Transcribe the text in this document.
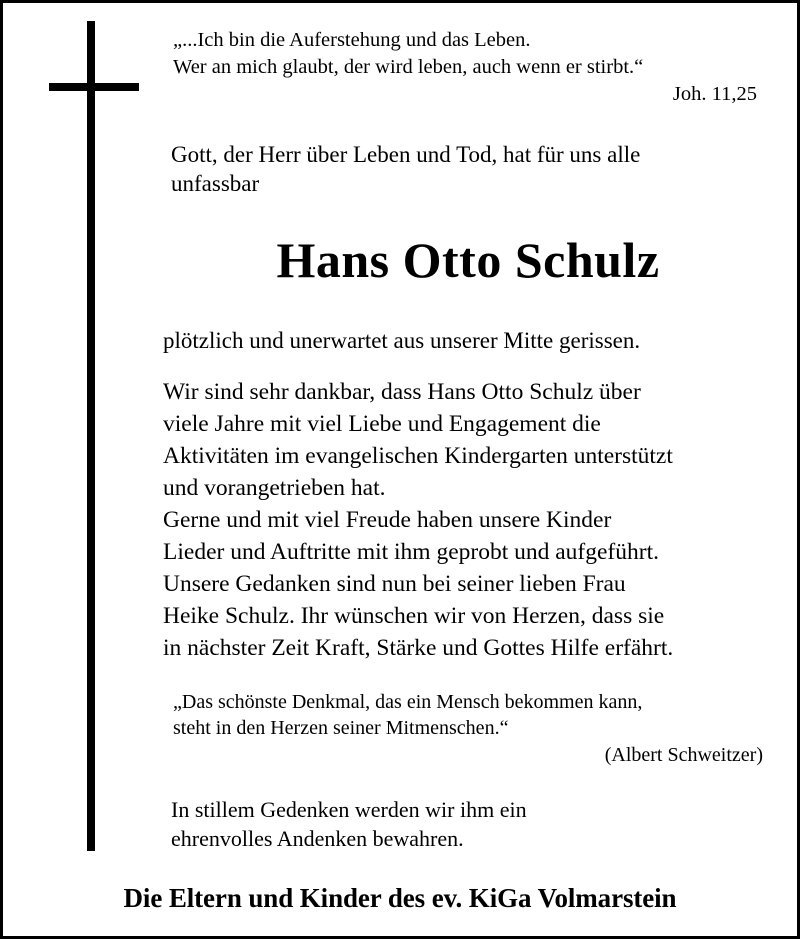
„...Ich bin die Auferstehung und das Leben.
Wer an mich glaubt, der wird leben, auch wenn er stirbt.“
Joh. 11,25
Gott, der Herr über Leben und Tod, hat für uns alle
unfassbar
Hans Otto Schulz
plötzlich und unerwartet aus unserer Mitte gerissen.
Wir sind sehr dankbar, dass Hans Otto Schulz über
viele Jahre mit viel Liebe und Engagement die
Aktivitäten im evangelischen Kindergarten unterstützt
und vorangetrieben hat.
Gerne und mit viel Freude haben unsere Kinder
Lieder und Auftritte mit ihm geprobt und aufgeführt.
Unsere Gedanken sind nun bei seiner lieben Frau
Heike Schulz. Ihr wünschen wir von Herzen, dass sie
in nächster Zeit Kraft, Stärke und Gottes Hilfe erfährt.
„Das schönste Denkmal, das ein Mensch bekommen kann,
steht in den Herzen seiner Mitmenschen.“
(Albert Schweitzer)
In stillem Gedenken werden wir ihm ein
ehrenvolles Andenken bewahren.
Die Eltern und Kinder des ev. KiGa Volmarstein
